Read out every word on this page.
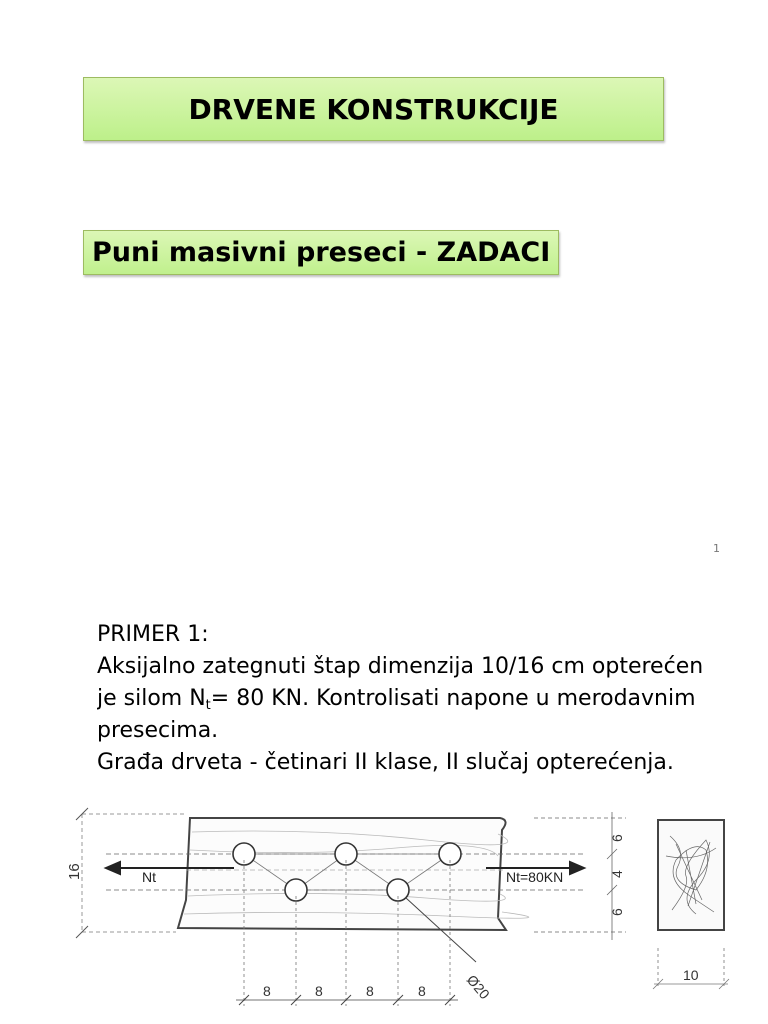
DRVENE KONSTRUKCIJE
Puni masivni preseci - ZADACI
1
PRIMER 1:
Aksijalno zategnuti štap dimenzija 10/16 cm opterećen
je silom $N_t= 80$ KN. Kontrolisati napone u merodavnim
presecima.
Građa drveta - četinari II klase, II slučaj opterećenja.
16	Nt	Nt=80KN
6
4
6
Ø20
8	8	8	8
10
